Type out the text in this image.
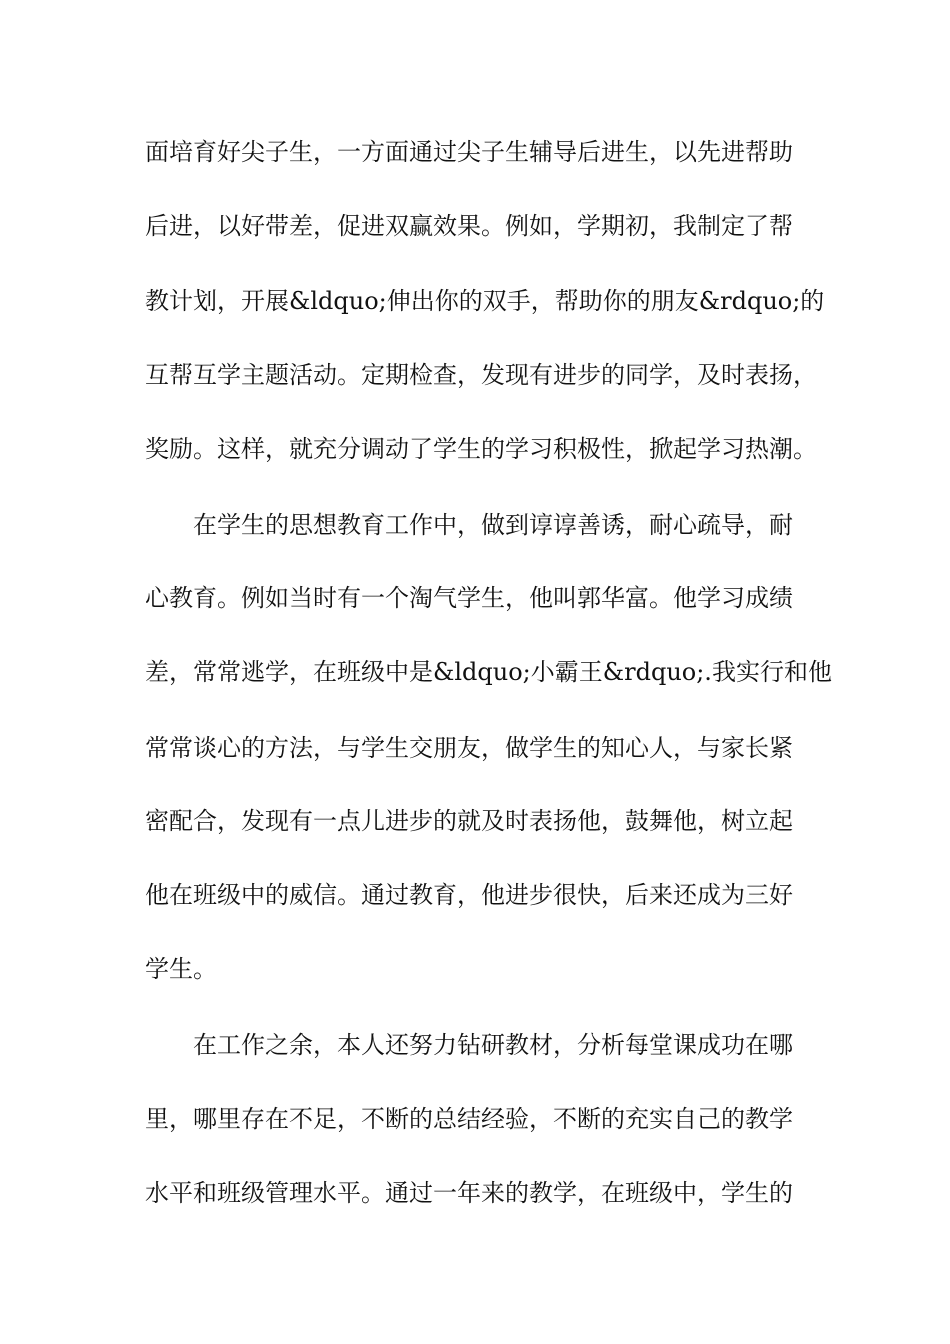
面培育好尖子生，一方面通过尖子生辅导后进生，以先进帮助
后进，以好带差，促进双赢效果。例如，学期初，我制定了帮
教计划，开展&ldquo;伸出你的双手，帮助你的朋友&rdquo;的
互帮互学主题活动。定期检查，发现有进步的同学，及时表扬，
奖励。这样，就充分调动了学生的学习积极性，掀起学习热潮。
在学生的思想教育工作中，做到谆谆善诱，耐心疏导，耐
心教育。例如当时有一个淘气学生，他叫郭华富。他学习成绩
差，常常逃学，在班级中是&ldquo;小霸王&rdquo;.我实行和他
常常谈心的方法，与学生交朋友，做学生的知心人，与家长紧
密配合，发现有一点儿进步的就及时表扬他，鼓舞他，树立起
他在班级中的威信。通过教育，他进步很快，后来还成为三好
学生。
在工作之余，本人还努力钻研教材，分析每堂课成功在哪
里，哪里存在不足，不断的总结经验，不断的充实自己的教学
水平和班级管理水平。通过一年来的教学，在班级中，学生的
